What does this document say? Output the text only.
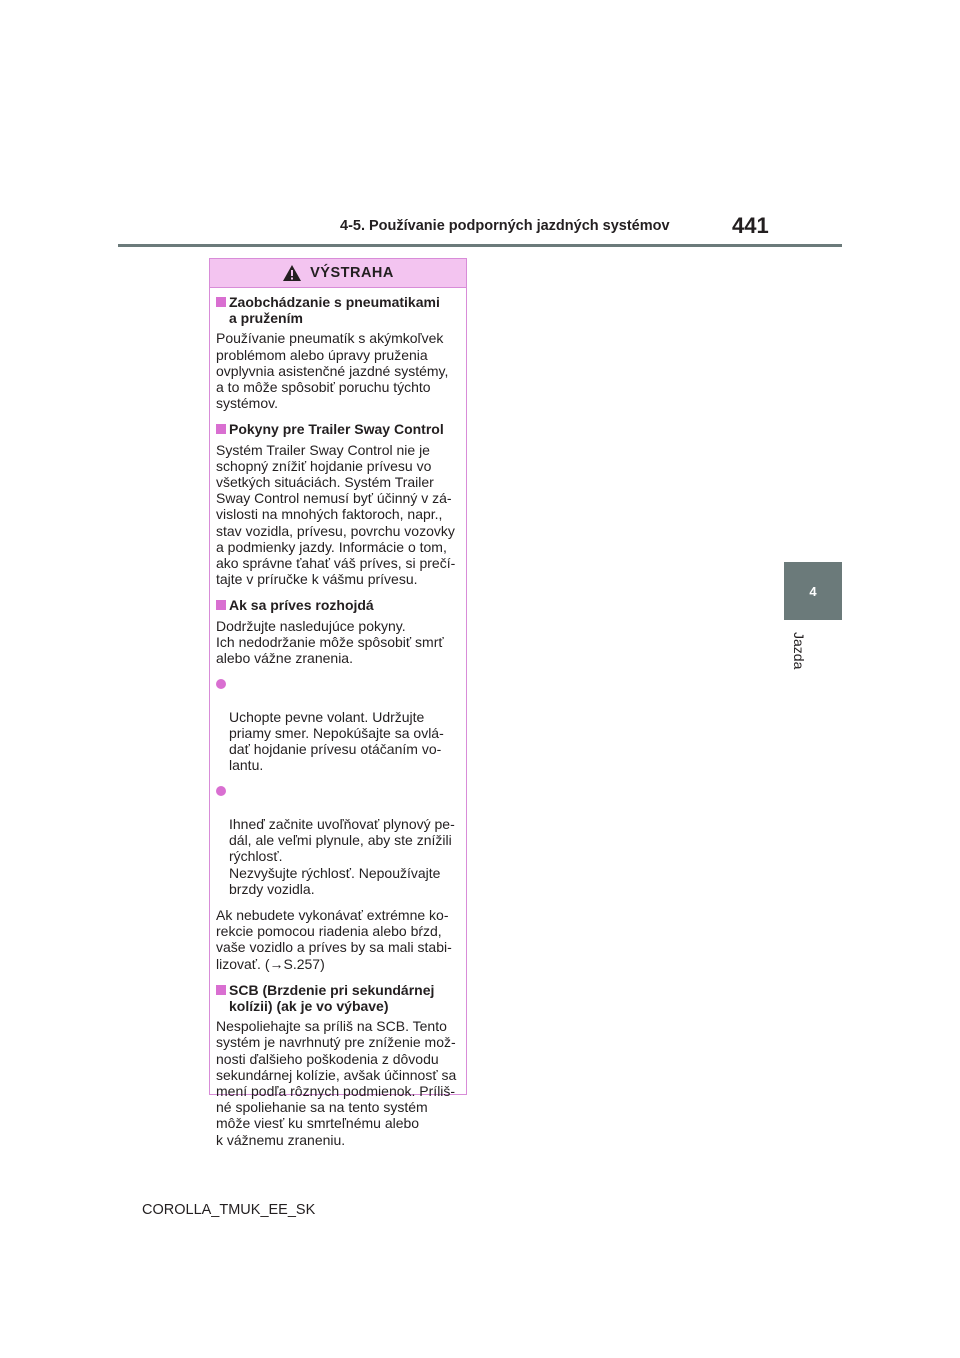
4-5. Používanie podporných jazdných systémov	441
4
Jazda
VÝSTRAHA
Zaobchádzanie s pneumatikami
a pružením

Používanie pneumatík s akýmkoľvek
problémom alebo úpravy pruženia
ovplyvnia asistenčné jazdné systémy,
a to môže spôsobiť poruchu týchto
systémov.

Pokyny pre Trailer Sway Control

Systém Trailer Sway Control nie je
schopný znížiť hojdanie prívesu vo
všetkých situáciách. Systém Trailer
Sway Control nemusí byť účinný v zá-
vislosti na mnohých faktoroch, napr.,
stav vozidla, prívesu, povrchu vozovky
a podmienky jazdy. Informácie o tom,
ako správne ťahať váš príves, si prečí-
tajte v príručke k vášmu prívesu.

Ak sa príves rozhojdá

Dodržujte nasledujúce pokyny.
Ich nedodržanie môže spôsobiť smrť
alebo vážne zranenia.

Uchopte pevne volant. Udržujte
priamy smer. Nepokúšajte sa ovlá-
dať hojdanie prívesu otáčaním vo-
lantu.

Ihneď začnite uvoľňovať plynový pe-
dál, ale veľmi plynule, aby ste znížili
rýchlosť.
Nezvyšujte rýchlosť. Nepoužívajte
brzdy vozidla.

Ak nebudete vykonávať extrémne ko-
rekcie pomocou riadenia alebo bŕzd,
vaše vozidlo a príves by sa mali stabi-
lizovať. (→S.257)

SCB (Brzdenie pri sekundárnej
kolízii) (ak je vo výbave)

Nespoliehajte sa príliš na SCB. Tento
systém je navrhnutý pre zníženie mož-
nosti ďalšieho poškodenia z dôvodu
sekundárnej kolízie, avšak účinnosť sa
mení podľa rôznych podmienok. Príliš-
né spoliehanie sa na tento systém
môže viesť ku smrteľnému alebo
k vážnemu zraneniu.

COROLLA_TMUK_EE_SK
